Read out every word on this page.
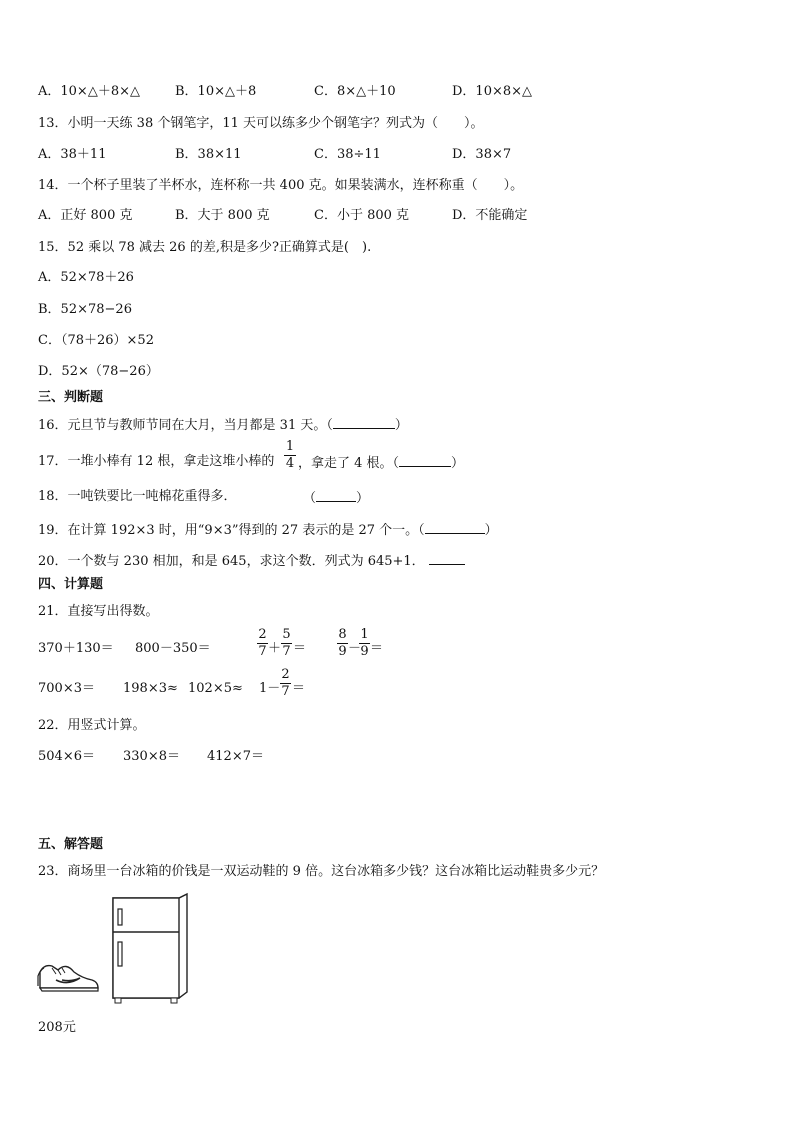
A．10×△＋8×△	B．10×△＋8	C．8×△＋10	D．10×8×△
13．小明一天练 38 个钢笔字，11 天可以练多少个钢笔字？列式为（　　）。
A．38＋11	B．38×11	C．38÷11	D．38×7
14．一个杯子里装了半杯水，连杯称一共 400 克。如果装满水，连杯称重（　　）。
A．正好 800 克	B．大于 800 克	C．小于 800 克	D．不能确定
15．52 乘以 78 减去 26 的差,积是多少?正确算式是(　).
A．52×78＋26
B．52×78−26
C．（78＋26）×52
D．52×（78−26）
三、判断题
16．元旦节与教师节同在大月，当月都是 31 天。（	）
17．一堆小棒有 12 根，拿走这堆小棒的
1
4 ，拿走了 4 根。（	）
18．一吨铁要比一吨棉花重得多．	（	）
19．在计算 192×3 时，用“9×3”得到的 27 表示的是 27 个一。（	）
20．一个数与 230 相加，和是 645，求这个数．列式为 645+1．
四、计算题
21．直接写出得数。
370＋130＝ 800－350＝
2
7 ＋
5
7 ＝
8
9 －
1
9 ＝
700×3＝ 198×3≈ 102×5≈ 1－
2
7 ＝
22．用竖式计算。
504×6＝ 330×8＝ 412×7＝
五、解答题
23．商场里一台冰箱的价钱是一双运动鞋的 9 倍。这台冰箱多少钱？这台冰箱比运动鞋贵多少元？
208元
